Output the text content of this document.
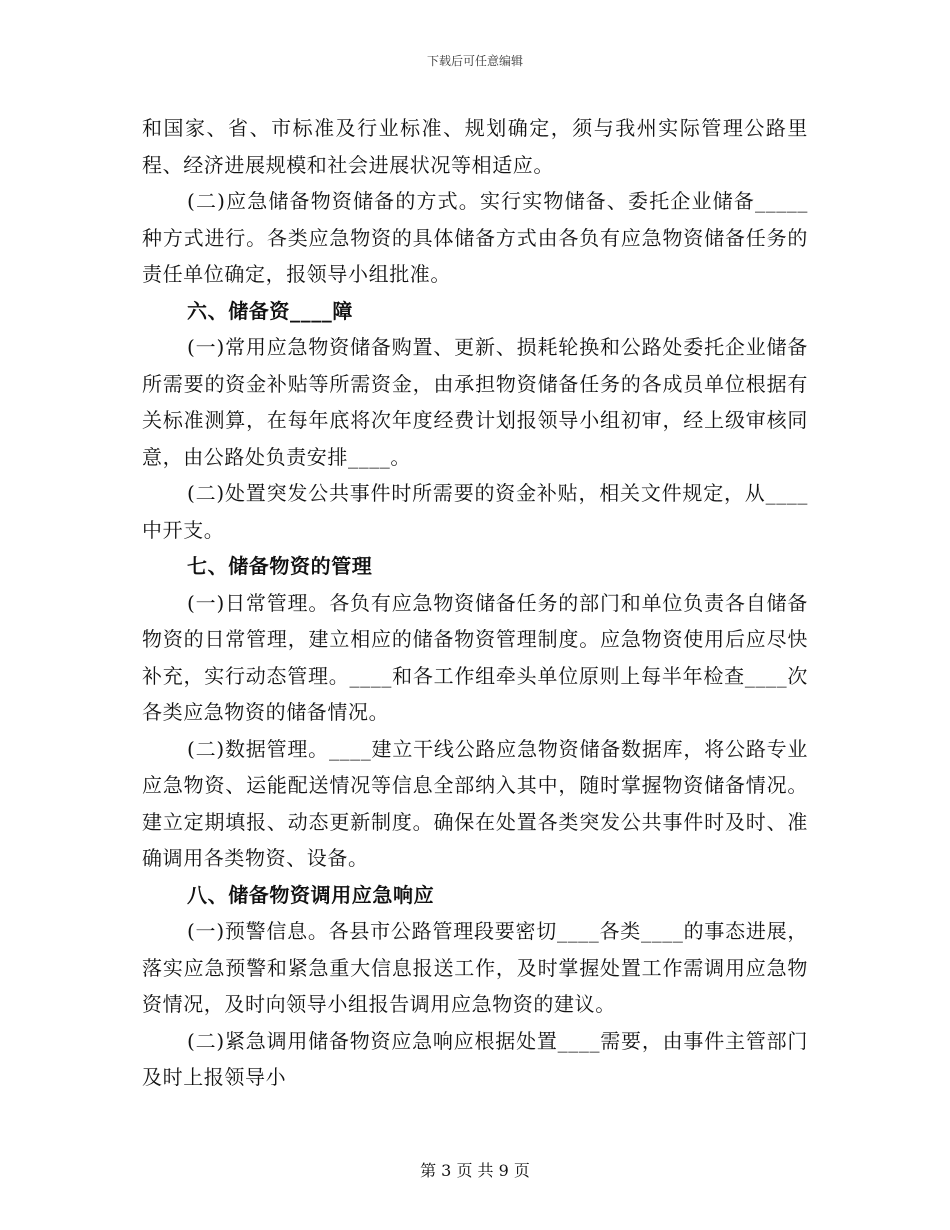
下载后可任意编辑

和国家、省、市标准及行业标准、规划确定，须与我州实际管理公路里程、经济进展规模和社会进展状况等相适应。

(二)应急储备物资储备的方式。实行实物储备、委托企业储备_____种方式进行。各类应急物资的具体储备方式由各负有应急物资储备任务的责任单位确定，报领导小组批准。

六、储备资____障

(一)常用应急物资储备购置、更新、损耗轮换和公路处委托企业储备所需要的资金补贴等所需资金，由承担物资储备任务的各成员单位根据有关标准测算，在每年底将次年度经费计划报领导小组初审，经上级审核同意，由公路处负责安排____。

(二)处置突发公共事件时所需要的资金补贴，相关文件规定，从____中开支。

七、储备物资的管理

(一)日常管理。各负有应急物资储备任务的部门和单位负责各自储备物资的日常管理，建立相应的储备物资管理制度。应急物资使用后应尽快补充，实行动态管理。____和各工作组牵头单位原则上每半年检查____次各类应急物资的储备情况。

(二)数据管理。____建立干线公路应急物资储备数据库，将公路专业应急物资、运能配送情况等信息全部纳入其中，随时掌握物资储备情况。建立定期填报、动态更新制度。确保在处置各类突发公共事件时及时、准确调用各类物资、设备。

八、储备物资调用应急响应

(一)预警信息。各县市公路管理段要密切____各类____的事态进展，落实应急预警和紧急重大信息报送工作，及时掌握处置工作需调用应急物资情况，及时向领导小组报告调用应急物资的建议。

(二)紧急调用储备物资应急响应根据处置____需要，由事件主管部门及时上报领导小

第 3 页 共 9 页
